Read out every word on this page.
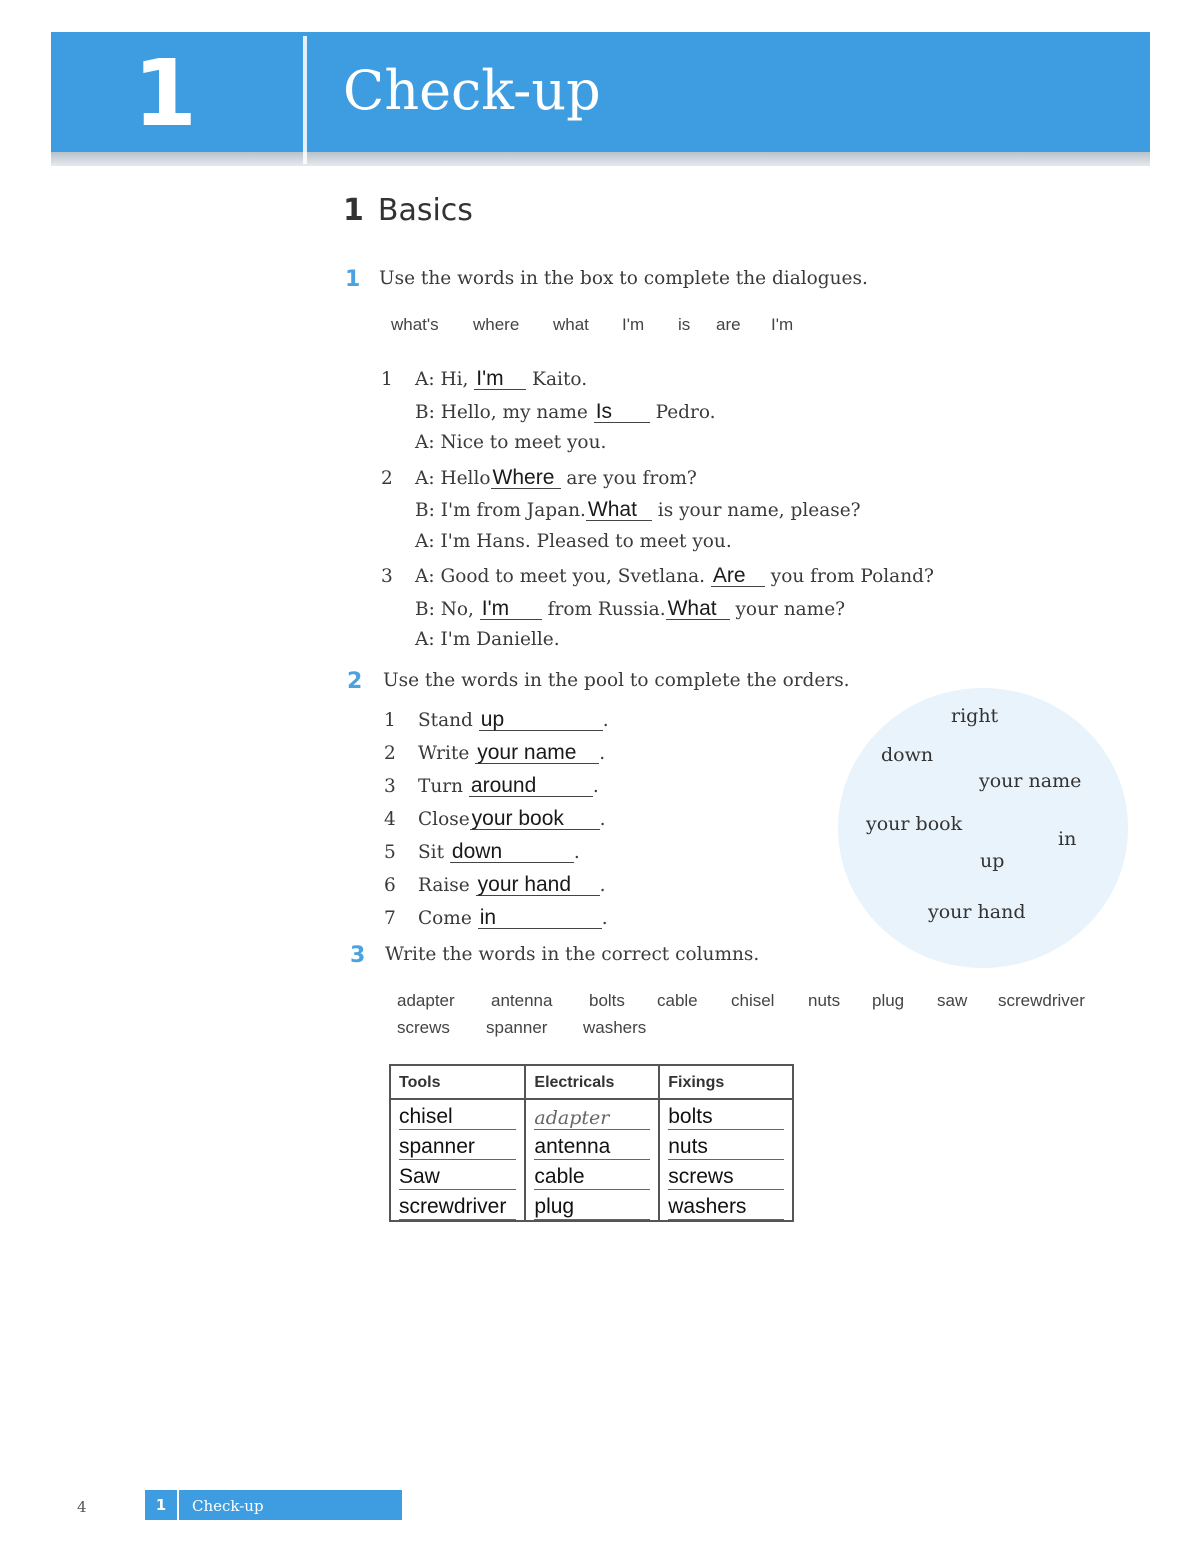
1	Check-up
1 Basics
1 Use the words in the box to complete the dialogues.
what's where what I'm is are I'm
1 A: Hi, I'm Kaito.
B: Hello, my name Is Pedro.
A: Nice to meet you.
2 A: HelloWhere are you from?
B: I'm from Japan.What is your name, please?
A: I'm Hans. Pleased to meet you.
3 A: Good to meet you, Svetlana. Are you from Poland?
B: No, I'm from Russia.What your name?
A: I'm Danielle.
2 Use the words in the pool to complete the orders.
1 Stand up	.
2 Write your name .
3 Turn around	.
4 Closeyour book .
5 Sit down	.
6 Raise your hand .
7 Come in	.
right
down
your name
your book
in
up
your hand
3 Write the words in the correct columns.
adapter antenna bolts cable chisel nuts plug saw screwdriver
screws spanner washers
Tools	Electricals	Fixings
chisel	adapter	bolts
spanner	antenna	nuts
Saw	cable	screws
screwdriver	plug	washers
4	1	Check-up
